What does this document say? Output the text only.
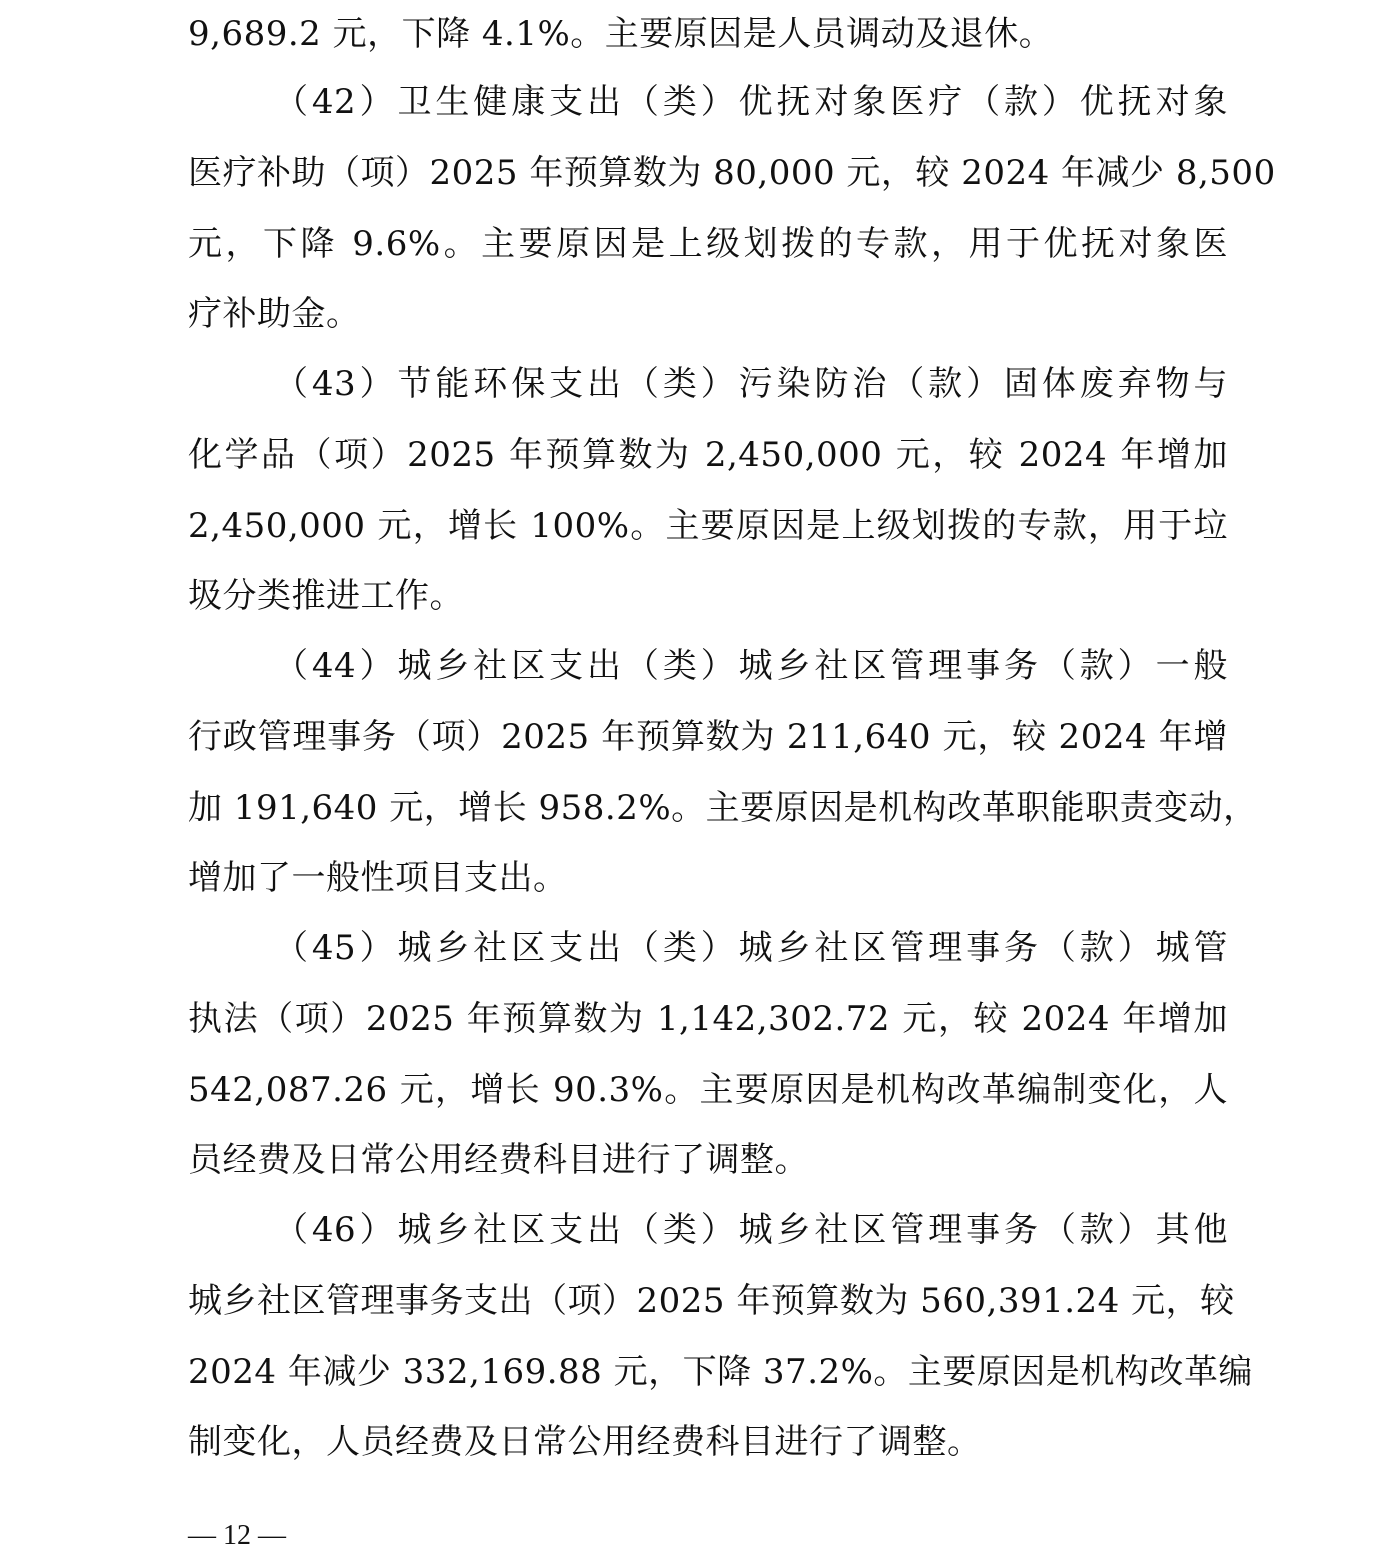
9,689.2 元，下降 4.1%。主要原因是人员调动及退休。
（42）卫生健康支出（类）优抚对象医疗（款）优抚对象
医疗补助（项）2025 年预算数为 80,000 元，较 2024 年减少 8,500
元，下降 9.6%。主要原因是上级划拨的专款，用于优抚对象医
疗补助金。
（43）节能环保支出（类）污染防治（款）固体废弃物与
化学品（项）2025 年预算数为 2,450,000 元，较 2024 年增加
2,450,000 元，增长 100%。主要原因是上级划拨的专款，用于垃
圾分类推进工作。
（44）城乡社区支出（类）城乡社区管理事务（款）一般
行政管理事务（项）2025 年预算数为 211,640 元，较 2024 年增
加 191,640 元，增长 958.2%。主要原因是机构改革职能职责变动，
增加了一般性项目支出。
（45）城乡社区支出（类）城乡社区管理事务（款）城管
执法（项）2025 年预算数为 1,142,302.72 元，较 2024 年增加
542,087.26 元，增长 90.3%。主要原因是机构改革编制变化，人
员经费及日常公用经费科目进行了调整。
（46）城乡社区支出（类）城乡社区管理事务（款）其他
城乡社区管理事务支出（项）2025 年预算数为 560,391.24 元，较
2024 年减少 332,169.88 元，下降 37.2%。主要原因是机构改革编
制变化，人员经费及日常公用经费科目进行了调整。
— 12 —
